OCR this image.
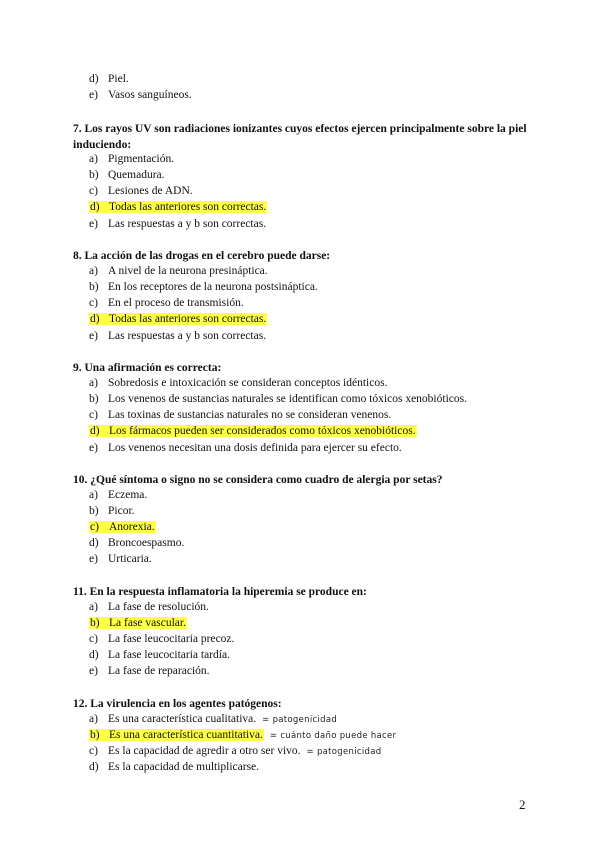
d) Piel.
e) Vasos sanguíneos.
7. Los rayos UV son radiaciones ionizantes cuyos efectos ejercen principalmente sobre la piel induciendo:
a) Pigmentación.
b) Quemadura.
c) Lesiones de ADN.
d) Todas las anteriores son correctas.
e) Las respuestas a y b son correctas.
8. La acción de las drogas en el cerebro puede darse:
a) A nivel de la neurona presináptica.
b) En los receptores de la neurona postsináptica.
c) En el proceso de transmisión.
d) Todas las anteriores son correctas.
e) Las respuestas a y b son correctas.
9. Una afirmación es correcta:
a) Sobredosis e intoxicación se consideran conceptos idénticos.
b) Los venenos de sustancias naturales se identifican como tóxicos xenobióticos.
c) Las toxinas de sustancias naturales no se consideran venenos.
d) Los fármacos pueden ser considerados como tóxicos xenobióticos.
e) Los venenos necesitan una dosis definida para ejercer su efecto.
10. ¿Qué síntoma o signo no se considera como cuadro de alergia por setas?
a) Eczema.
b) Picor.
c) Anorexia.
d) Broncoespasmo.
e) Urticaria.
11. En la respuesta inflamatoria la hiperemia se produce en:
a) La fase de resolución.
b) La fase vascular.
c) La fase leucocitaria precoz.
d) La fase leucocitaria tardía.
e) La fase de reparación.
12. La virulencia en los agentes patógenos:
a) Es una característica cualitativa. = patogenicidad
b) Es una característica cuantitativa. = cuánto daño puede hacer
c) Es la capacidad de agredir a otro ser vivo. = patogenicidad
d) Es la capacidad de multiplicarse.
2
